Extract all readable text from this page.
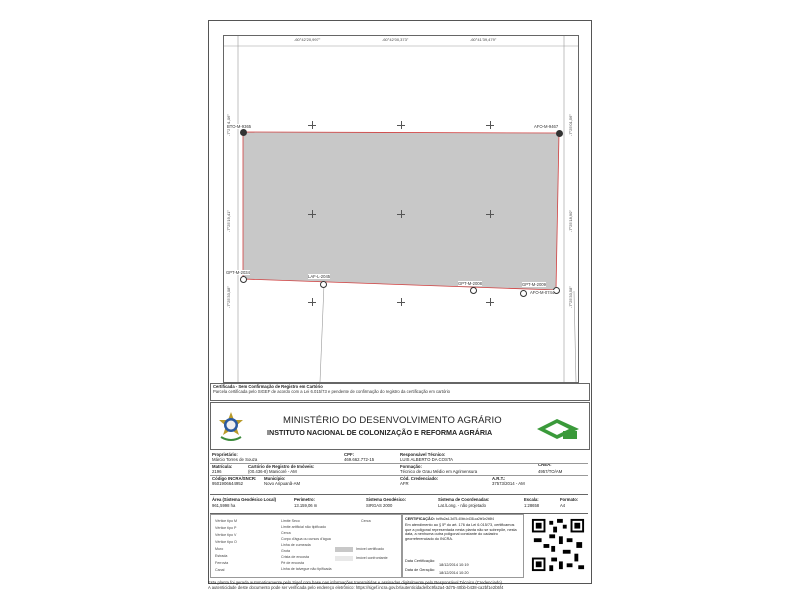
-60°42'20,997"	-60°42'00,373"	-60°41'39,479"
-7°25'19,41"
-7°25'33,08"
-7°25'01,56"
-7°25'18,90"
-7°25'33,58"
BTO-M-9365	AFO-M-9467
GPT-M-2034
LAF-L-2045
GPT-M-2008	GPT-M-2009
AFO-M-0744
Certificada - Sem Confirmação de Registro em Cartório
Parcela certificada pelo SIGEF de acordo com a Lei 6.015/73 e pendente de confirmação do registro da certificação em cartório
MINISTÉRIO DO DESENVOLVIMENTO AGRÁRIO
INSTITUTO NACIONAL DE COLONIZAÇÃO E REFORMA AGRÁRIA
Proprietário:
Márcio Torres de Souza
CPF:
469.662.772-15
Matrícula:
2196
Cartório de Registro de Imóveis:
(00.436-8) Manicoré - AM
Código INCRA/SNCR:
9501906644952
Município:
Novo Aripuanã-AM
Responsável Técnico:
LUIS ALBERTO DA COSTA
Formação:
Técnico de Grau Médio em Agrimensura
CREA:
4957/TO/AM
Cód. Credenciado:
AFR
A.R.T.:
37573/2014 - AM
Área (Sistema Geodésico Local)
961,5998 ha
Perímetro:
13.159,06 m
Sistema Geodésico:
SIRGAS 2000
Sistema de Coordenadas:
Lat./Long. - não projetado
Escala:
1:28658
Formato:
A4
Vértice tipo M
Vértice tipo P
Vértice tipo V
Vértice tipo O
Muro
Estrada
Ferrovia
Canal
Limite Seco
Limite artificial não tipificado
Cerca
Corpo d'água ou cursos d'água
Linha de cumeada
Grota
Crista de encosta
Pé de encosta
Linha de talvegue não tipificada
Cerca
Imóvel certificado
Imóvel confrontante
CERTIFICAÇÃO: bc9fa2a4-3d75-40bb-b438-ca2bf1e2b5f4
Em atendimento ao § 5º do art. 176 da Lei 6.015/73, certificamos que a poligonal representada nesta planta não se sobrepõe, nesta data, a nenhuma outra poligonal constante do cadastro georreferenciado do INCRA.
Data Certificação:
18/12/2014 10:19
Data de Geração:
18/12/2014 10:20
Esta planta foi gerada automaticamente pelo Sigef com base nas informações transmitidas e assinadas digitalmente pelo Responsável Técnico (Credenciado).
A autenticidade deste documento pode ser verificada pelo endereço eletrônico: https://sigef.incra.gov.br/autenticidade/bc9fa2a4-3d75-40bb-b438-ca2bf1e2b5f4
